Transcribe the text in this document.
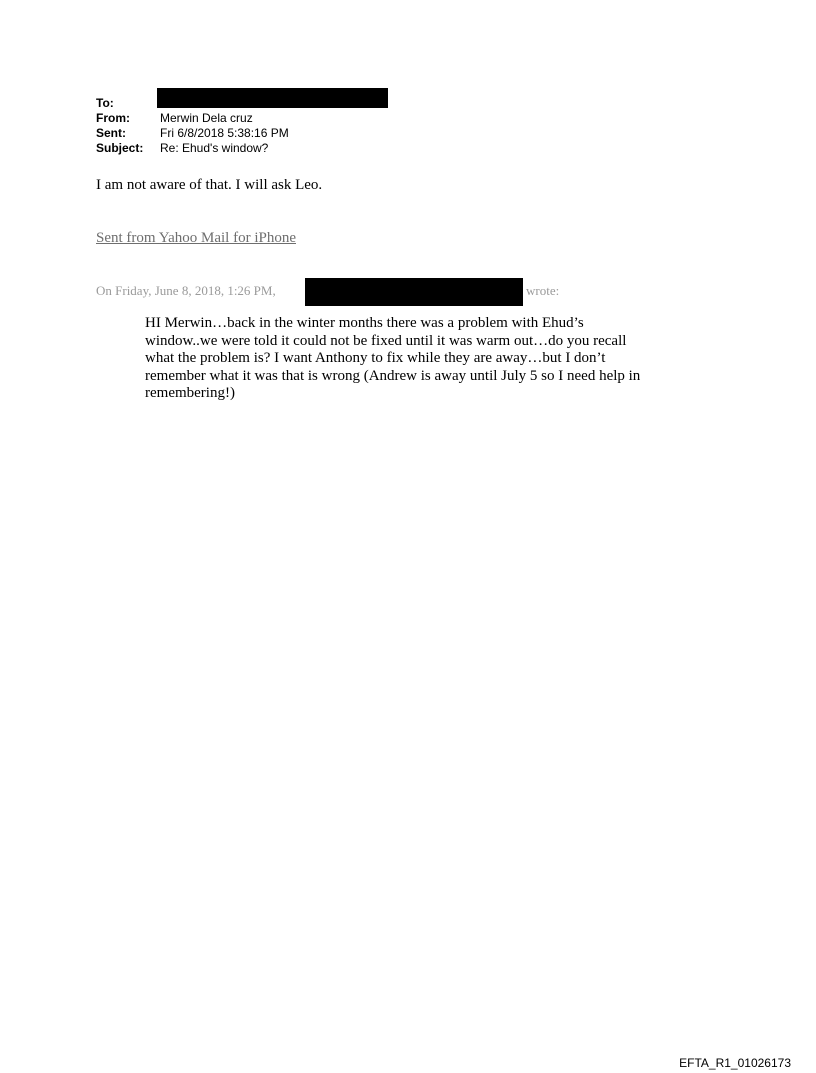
To:
From:	Merwin Dela cruz
Sent:	Fri 6/8/2018 5:38:16 PM
Subject:	Re: Ehud's window?
I am not aware of that. I will ask Leo.
Sent from Yahoo Mail for iPhone
On Friday, June 8, 2018, 1:26 PM,	wrote:
HI Merwin…back in the winter months there was a problem with Ehud’s
window..we were told it could not be fixed until it was warm out…do you recall
what the problem is? I want Anthony to fix while they are away…but I don’t
remember what it was that is wrong (Andrew is away until July 5 so I need help in
remembering!)
EFTA_R1_01026173
